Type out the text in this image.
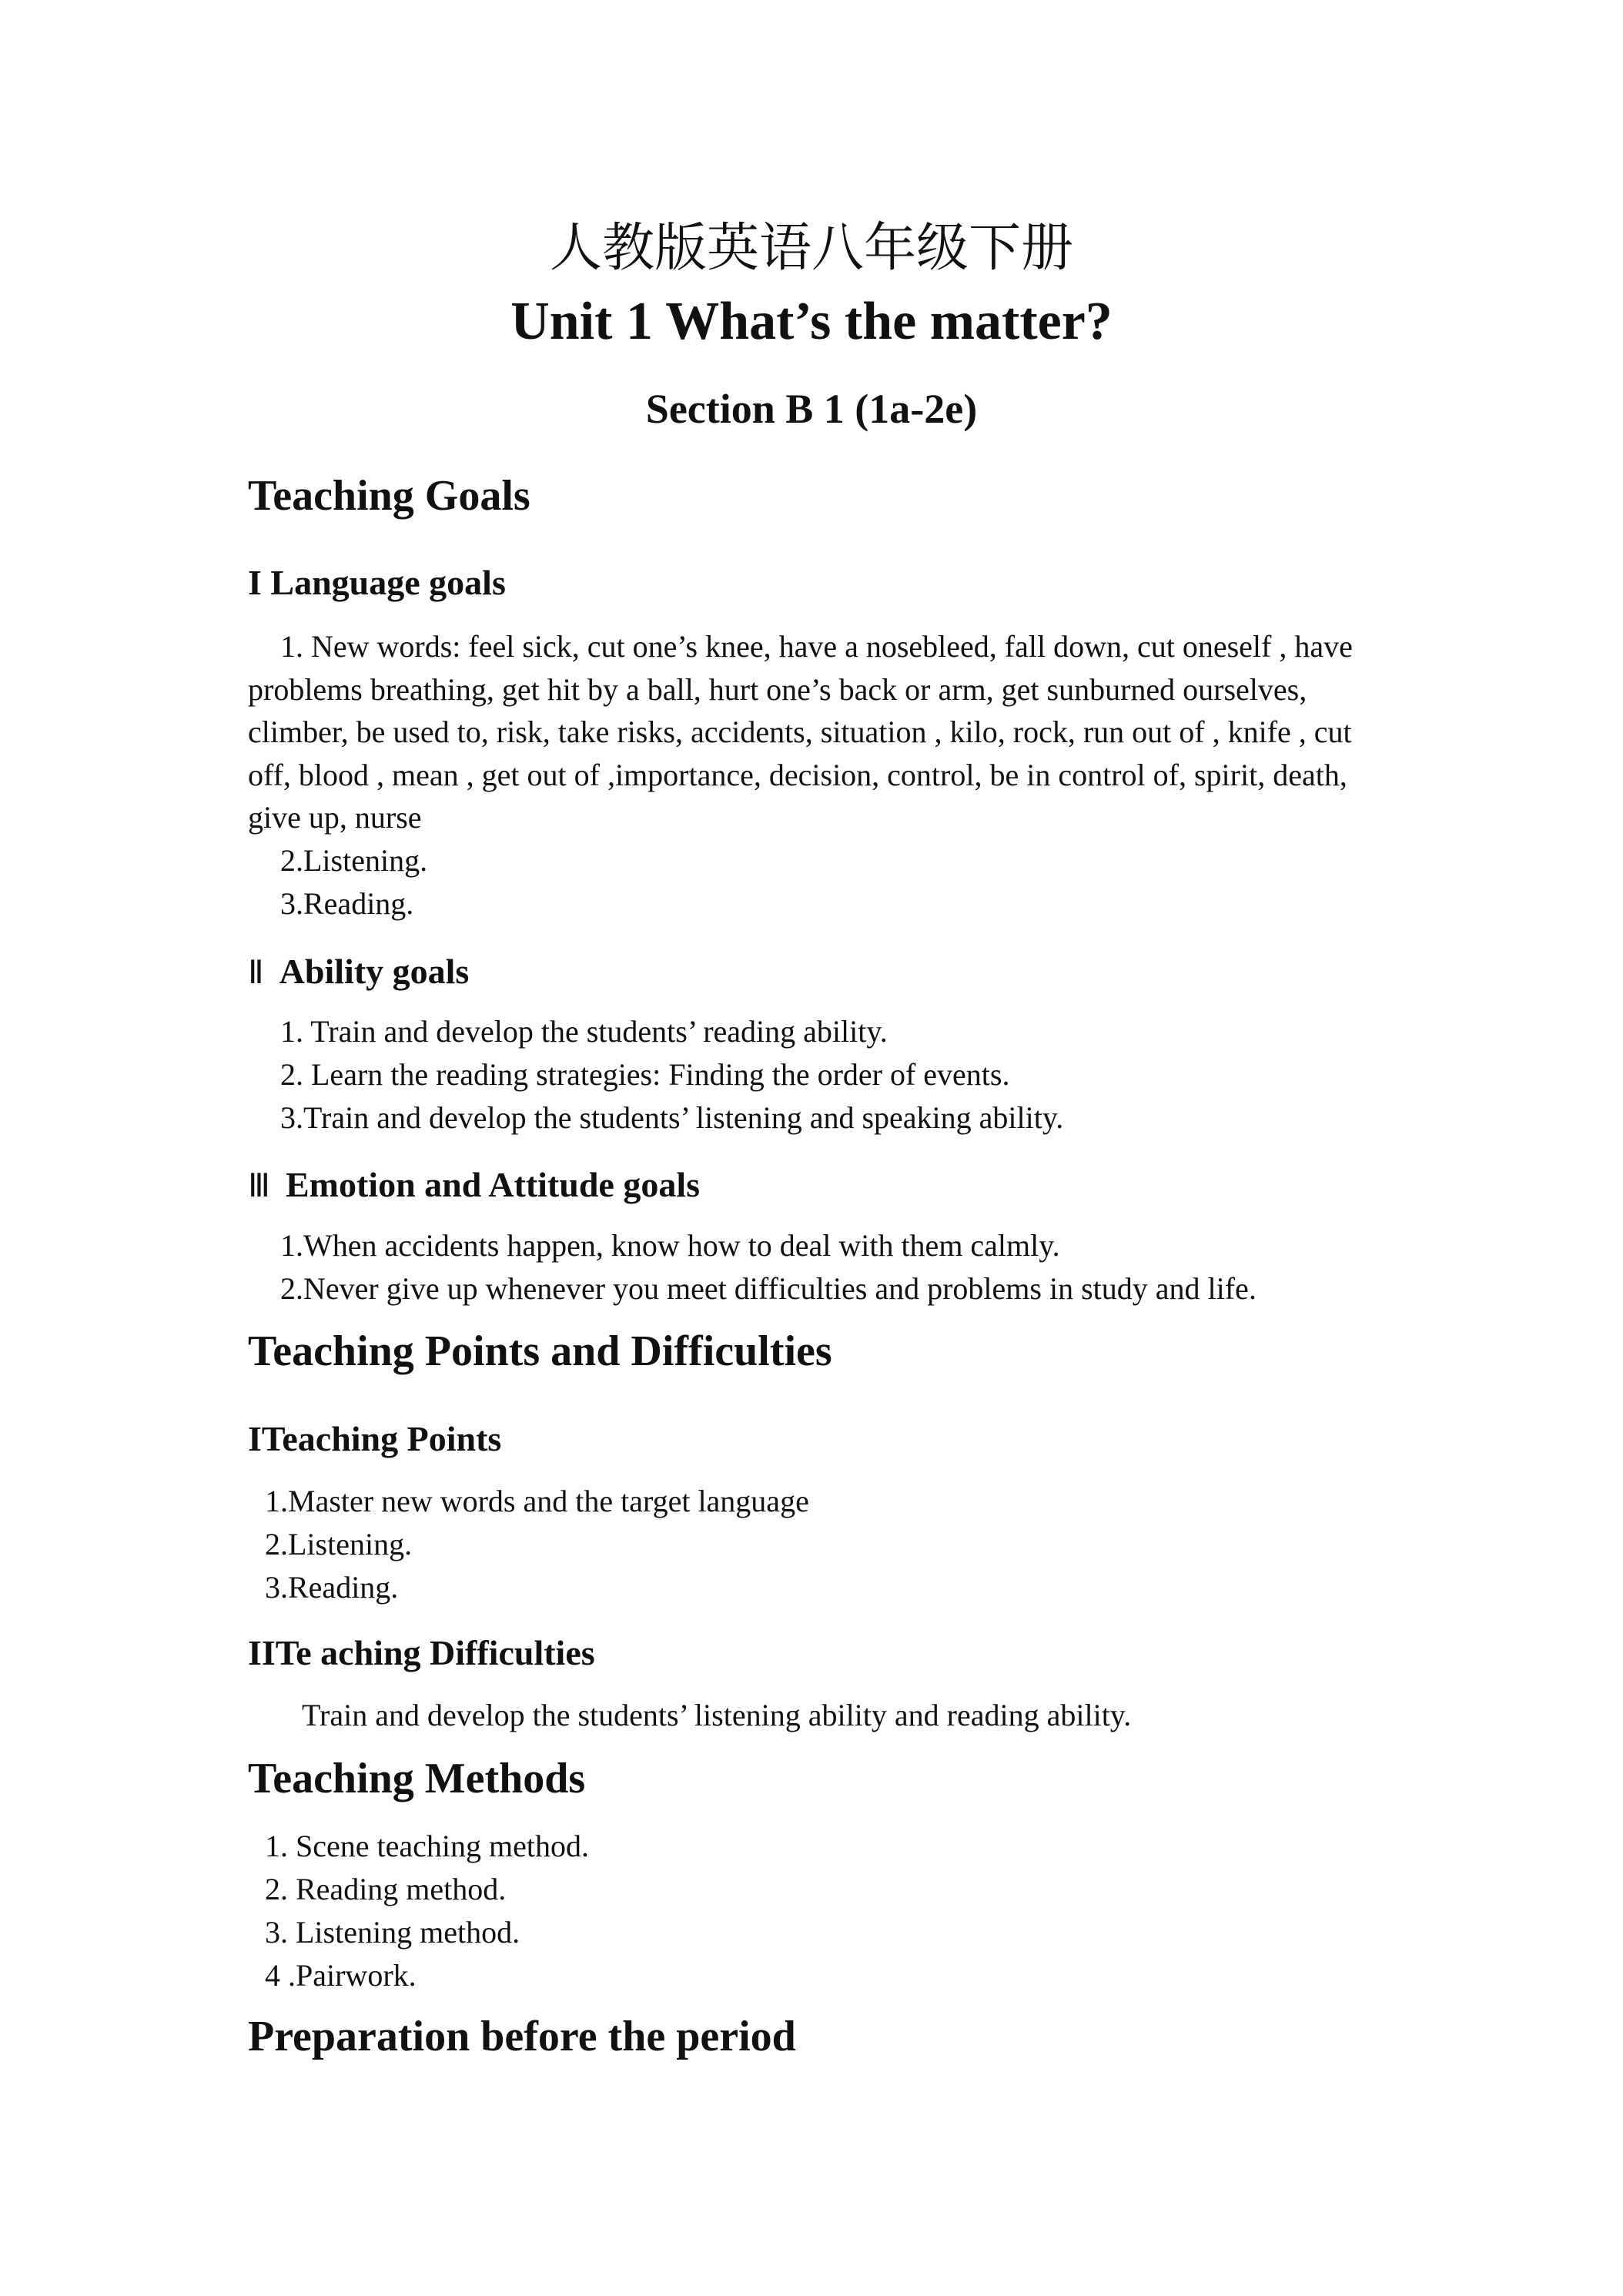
人教版英语八年级下册
Unit 1 What’s the matter?
Section B 1 (1a-2e)
Teaching Goals
I Language goals

1. New words: feel sick, cut one’s knee, have a nosebleed, fall down, cut oneself , have problems breathing, get hit by a ball, hurt one’s back or arm, get sunburned ourselves, climber, be used to, risk, take risks, accidents, situation , kilo, rock, run out of , knife , cut off, blood , mean , get out of ,importance, decision, control, be in control of, spirit, death, give up, nurse

2.Listening.
3.Reading.
Ⅱ Ability goals
1. Train and develop the students’ reading ability.
2. Learn the reading strategies: Finding the order of events.
3.Train and develop the students’ listening and speaking ability.
Ⅲ Emotion and Attitude goals
1.When accidents happen, know how to deal with them calmly.
2.Never give up whenever you meet difficulties and problems in study and life.
Teaching Points and Difficulties
ITeaching Points
1.Master new words and the target language
2.Listening.
3.Reading.
IITe aching Difficulties
Train and develop the students’ listening ability and reading ability.
Teaching Methods
1. Scene teaching method.
2. Reading method.
3. Listening method.
4 .Pairwork.
Preparation before the period
